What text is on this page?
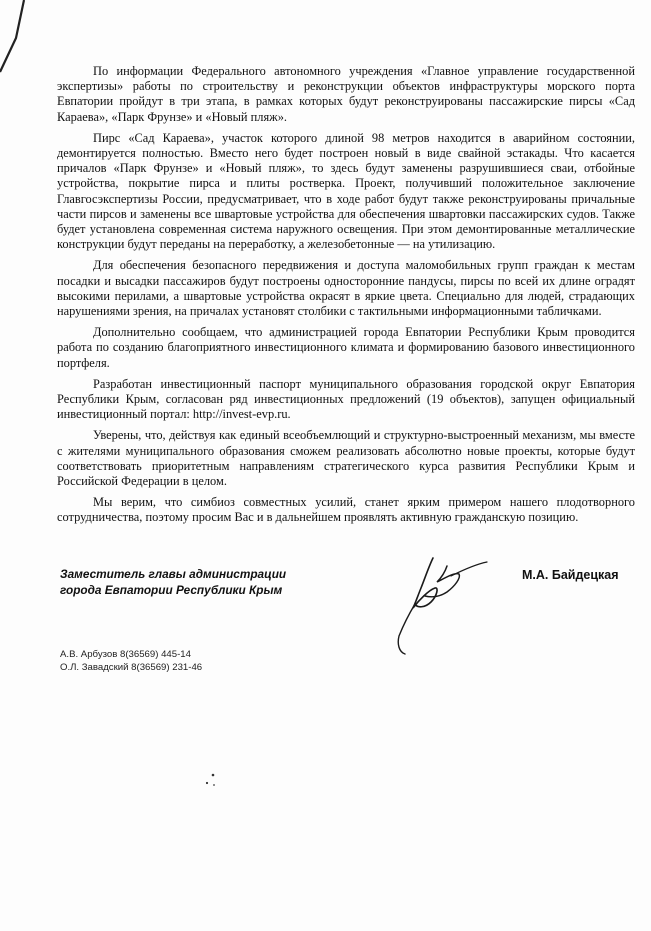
По информации Федерального автономного учреждения «Главное управление государственной экспертизы» работы по строительству и реконструкции объектов инфраструктуры морского порта Евпатории пройдут в три этапа, в рамках которых будут реконструированы пассажирские пирсы «Сад Караева», «Парк Фрунзе» и «Новый пляж».

Пирс «Сад Караева», участок которого длиной 98 метров находится в аварийном состоянии, демонтируется полностью. Вместо него будет построен новый в виде свайной эстакады. Что касается причалов «Парк Фрунзе» и «Новый пляж», то здесь будут заменены разрушившиеся сваи, отбойные устройства, покрытие пирса и плиты ростверка. Проект, получивший положительное заключение Главгосэкспертизы России, предусматривает, что в ходе работ будут также реконструированы причальные части пирсов и заменены все швартовые устройства для обеспечения швартовки пассажирских судов. Также будет установлена современная система наружного освещения. При этом демонтированные металлические конструкции будут переданы на переработку, а железобетонные — на утилизацию.

Для обеспечения безопасного передвижения и доступа маломобильных групп граждан к местам посадки и высадки пассажиров будут построены односторонние пандусы, пирсы по всей их длине оградят высокими перилами, а швартовые устройства окрасят в яркие цвета. Специально для людей, страдающих нарушениями зрения, на причалах установят столбики с тактильными информационными табличками.

Дополнительно сообщаем, что администрацией города Евпатории Республики Крым проводится работа по созданию благоприятного инвестиционного климата и формированию базового инвестиционного портфеля.

Разработан инвестиционный паспорт муниципального образования городской округ Евпатория Республики Крым, согласован ряд инвестиционных предложений (19 объектов), запущен официальный инвестиционный портал: http://invest-evp.ru.

Уверены, что, действуя как единый всеобъемлющий и структурно-выстроенный механизм, мы вместе с жителями муниципального образования сможем реализовать абсолютно новые проекты, которые будут соответствовать приоритетным направлениям стратегического курса развития Республики Крым и Российской Федерации в целом.

Мы верим, что симбиоз совместных усилий, станет ярким примером нашего плодотворного сотрудничества, поэтому просим Вас и в дальнейшем проявлять активную гражданскую позицию.

Заместитель главы администрации
города Евпатории Республики Крым
М.А. Байдецкая
А.В. Арбузов 8(36569) 445-14
О.Л. Завадский 8(36569) 231-46
